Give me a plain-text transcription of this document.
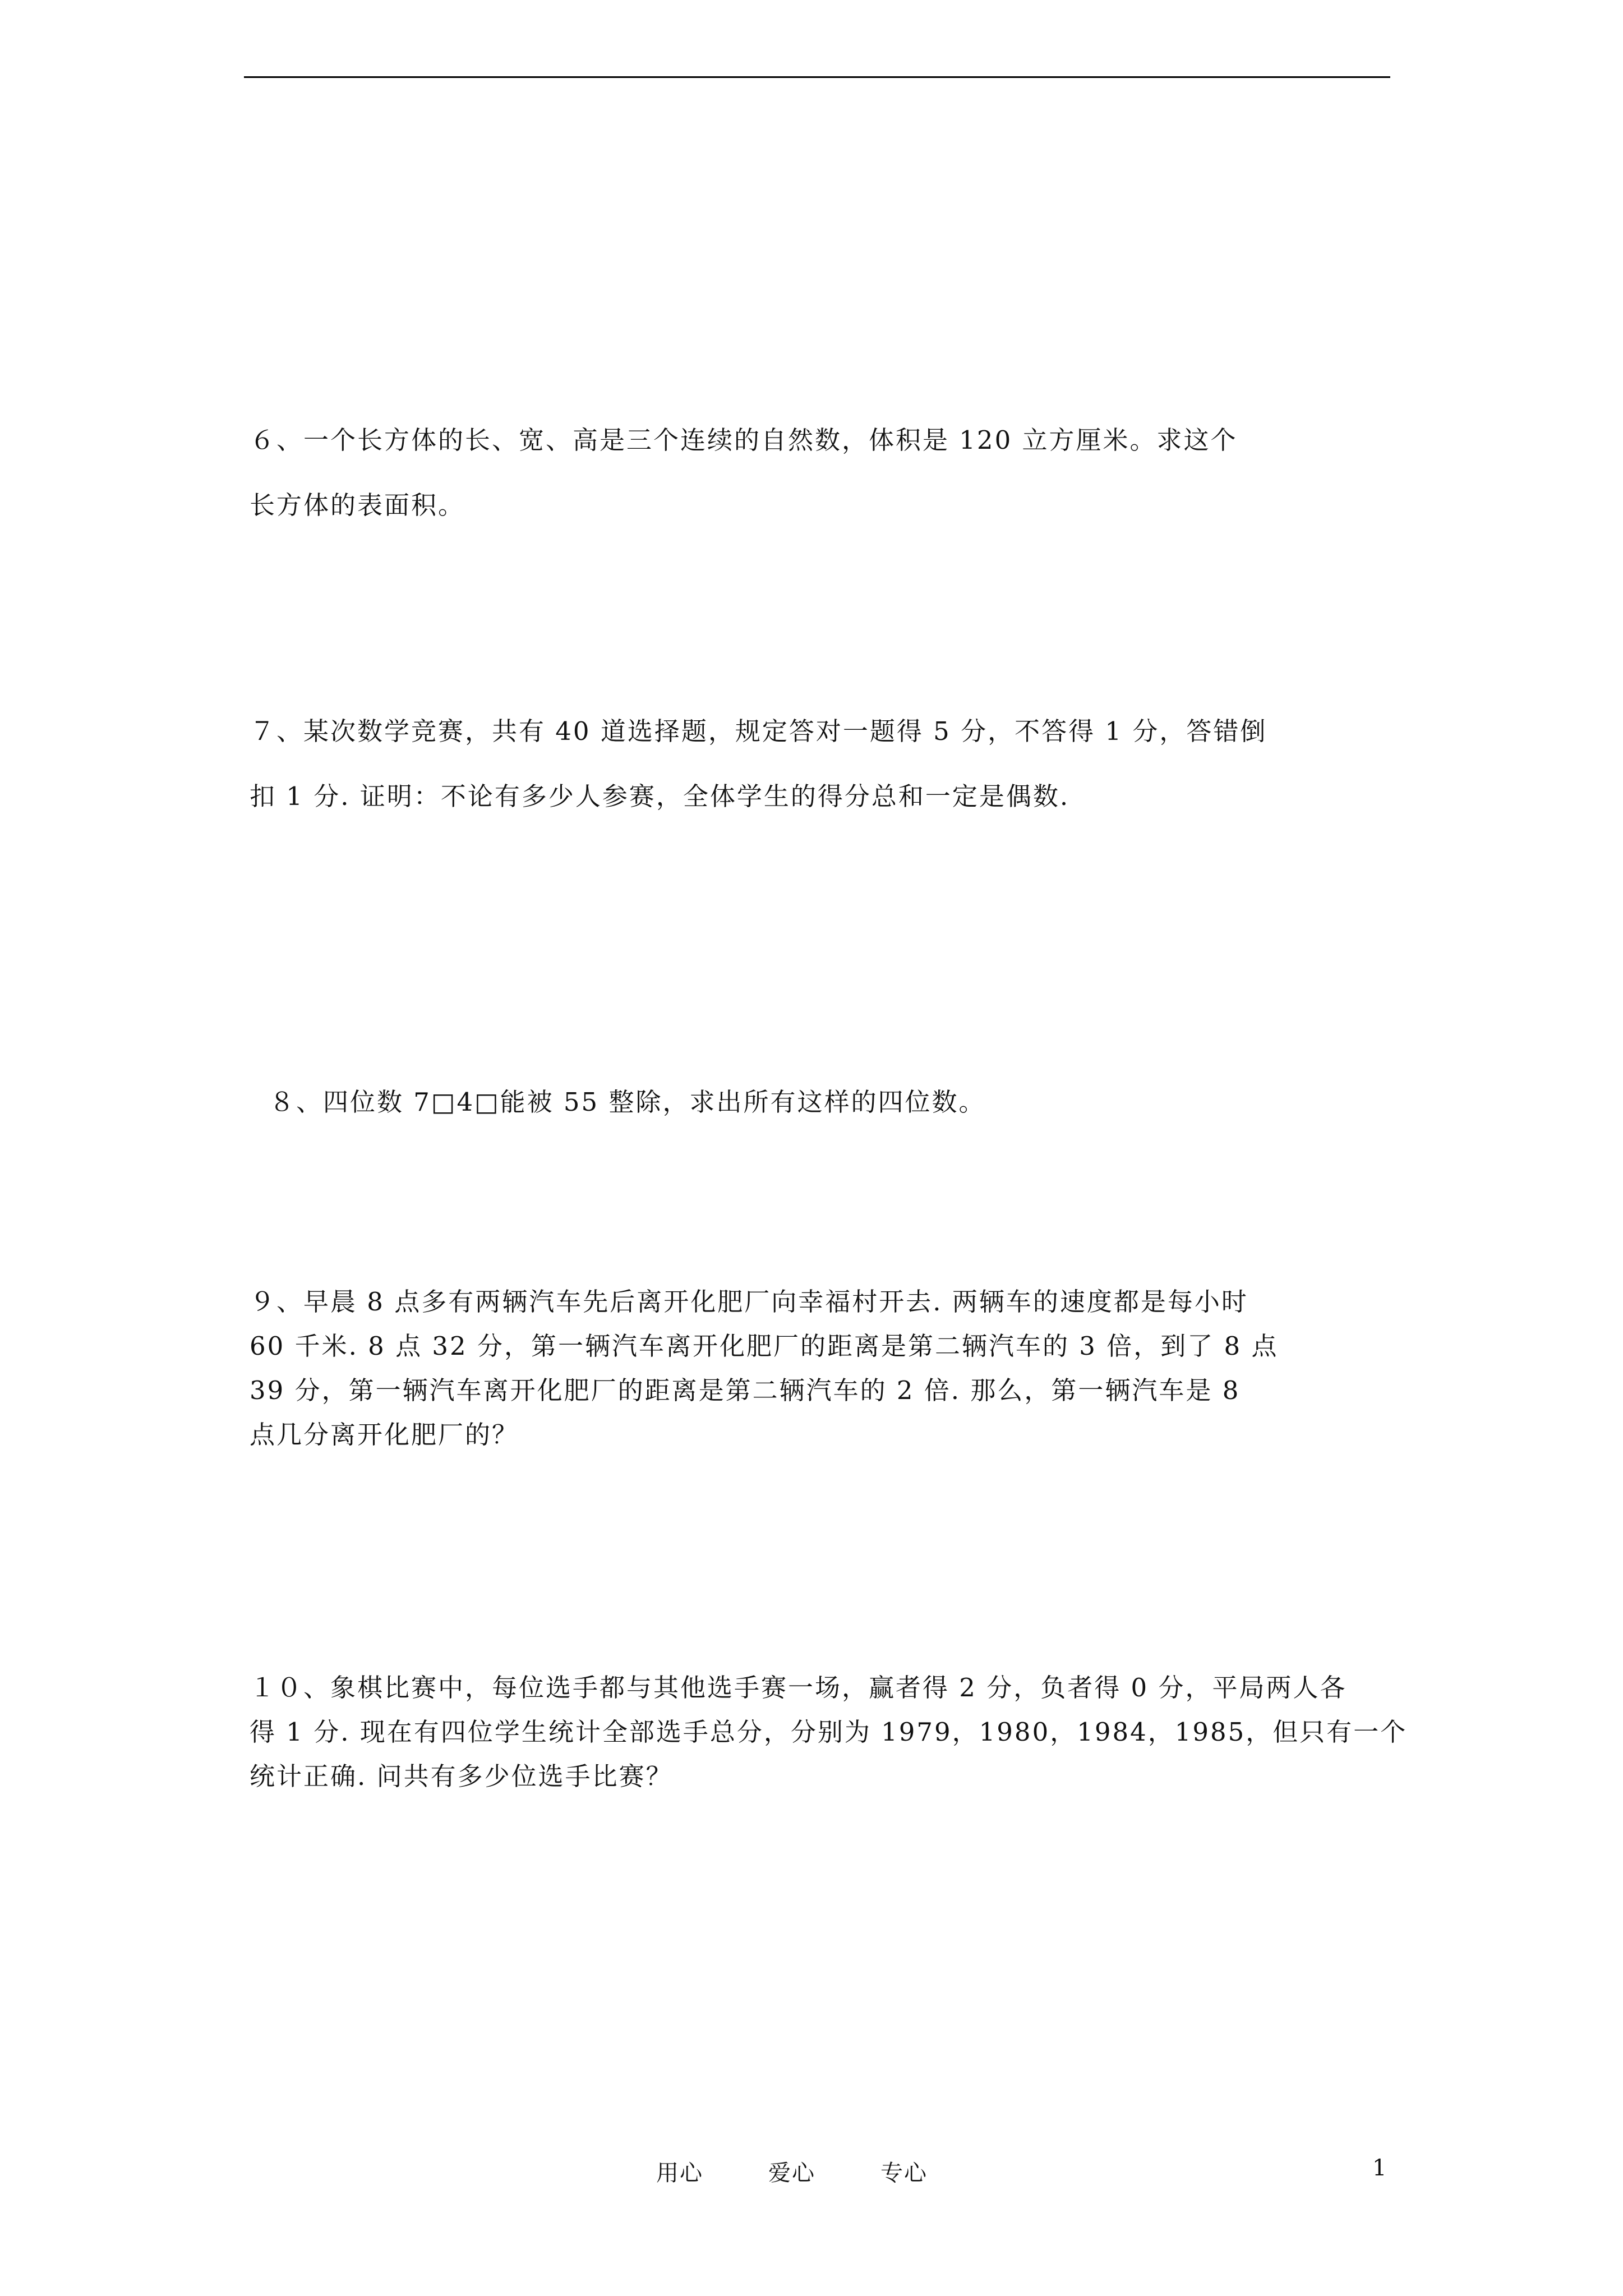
６、一个长方体的长、宽、高是三个连续的自然数，体积是 120 立方厘米。求这个
长方体的表面积。
７、某次数学竞赛，共有 40 道选择题，规定答对一题得 5 分，不答得 1 分，答错倒
扣 1 分. 证明：不论有多少人参赛，全体学生的得分总和一定是偶数.
８、四位数 7□4□能被 55 整除，求出所有这样的四位数。
９、早晨 8 点多有两辆汽车先后离开化肥厂向幸福村开去. 两辆车的速度都是每小时
60 千米. 8 点 32 分，第一辆汽车离开化肥厂的距离是第二辆汽车的 3 倍，到了 8 点
39 分，第一辆汽车离开化肥厂的距离是第二辆汽车的 2 倍. 那么，第一辆汽车是 8
点几分离开化肥厂的？
１０、象棋比赛中，每位选手都与其他选手赛一场，赢者得 2 分，负者得 0 分，平局两人各
得 1 分. 现在有四位学生统计全部选手总分，分别为 1979，1980，1984，1985，但只有一个
统计正确. 问共有多少位选手比赛？
用心	爱心	专心	1
